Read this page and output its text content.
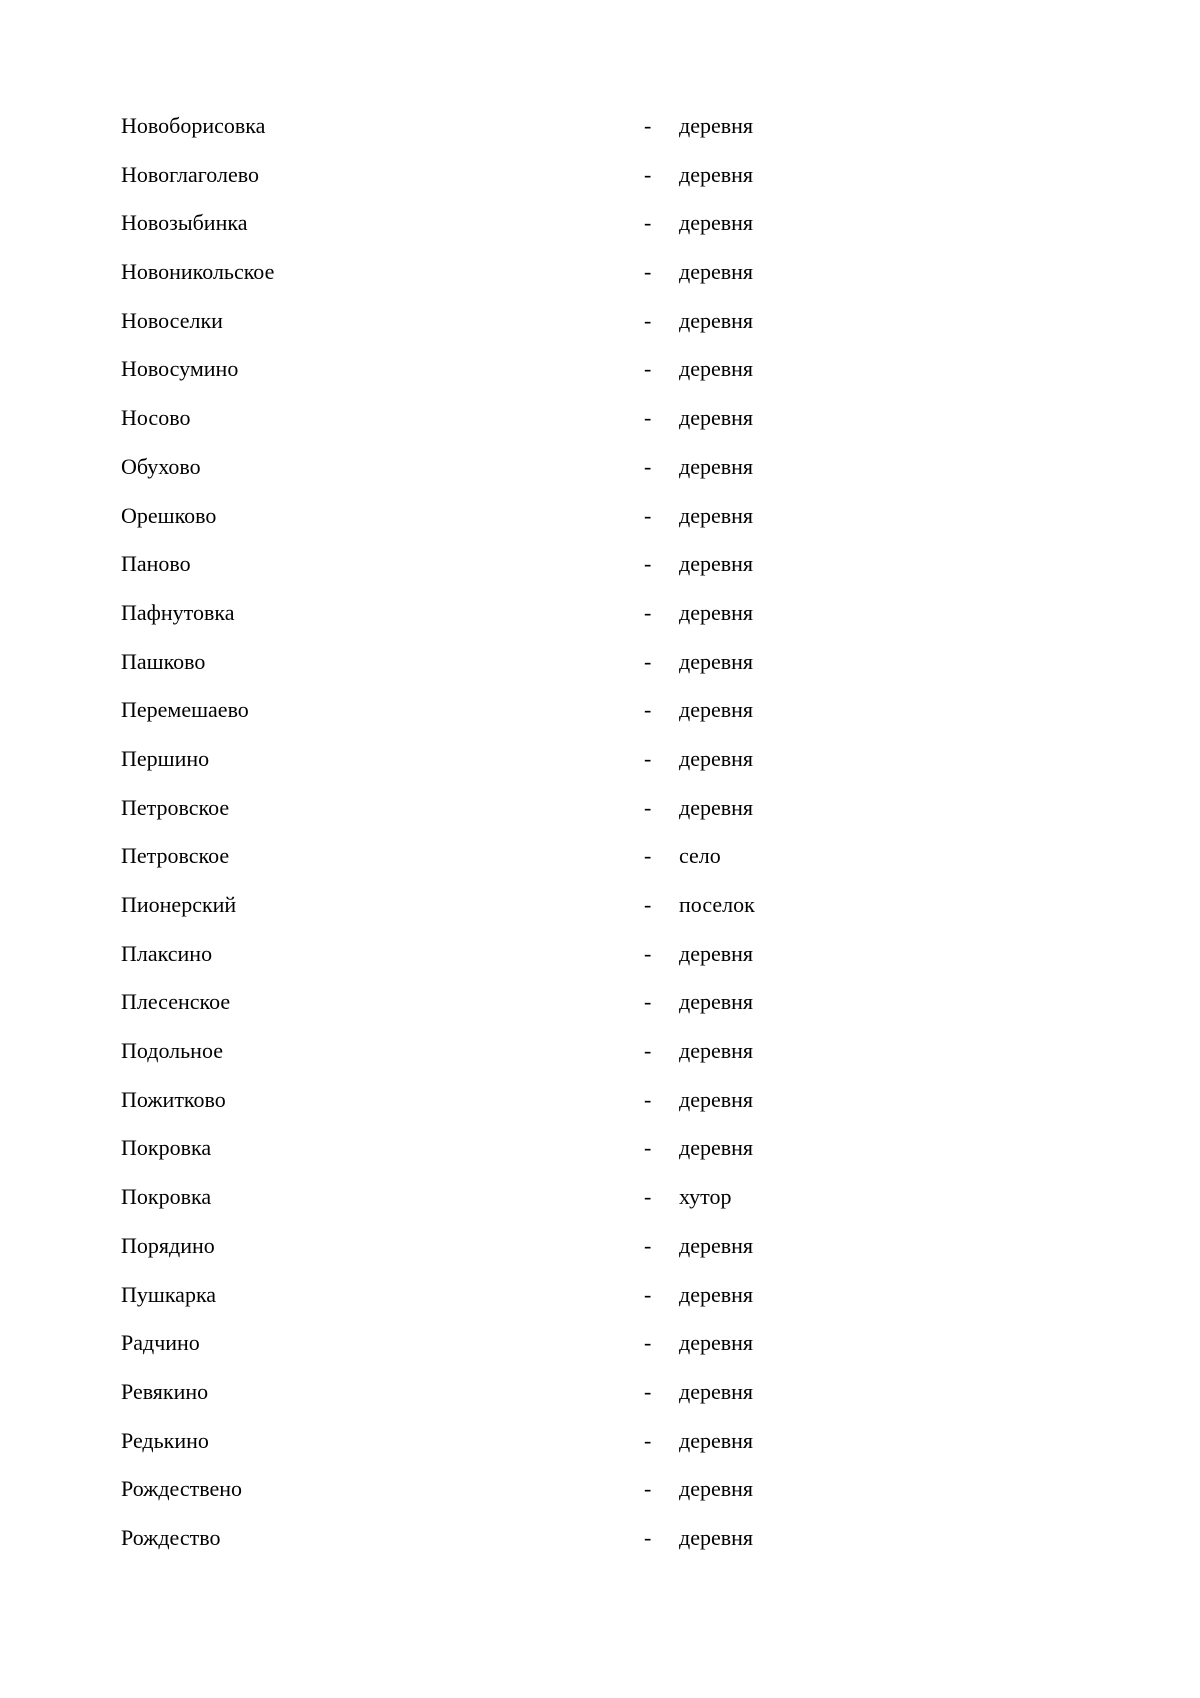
Новоборисовка	- деревня
Новоглаголево	- деревня
Новозыбинка	- деревня
Новоникольское	- деревня
Новоселки	- деревня
Новосумино	- деревня
Носово	- деревня
Обухово	- деревня
Орешково	- деревня
Паново	- деревня
Пафнутовка	- деревня
Пашково	- деревня
Перемешаево	- деревня
Першино	- деревня
Петровское	- деревня
Петровское	- село
Пионерский	- поселок
Плаксино	- деревня
Плесенское	- деревня
Подольное	- деревня
Пожитково	- деревня
Покровка	- деревня
Покровка	- хутор
Порядино	- деревня
Пушкарка	- деревня
Радчино	- деревня
Ревякино	- деревня
Редькино	- деревня
Рождествено	- деревня
Рождество	- деревня
